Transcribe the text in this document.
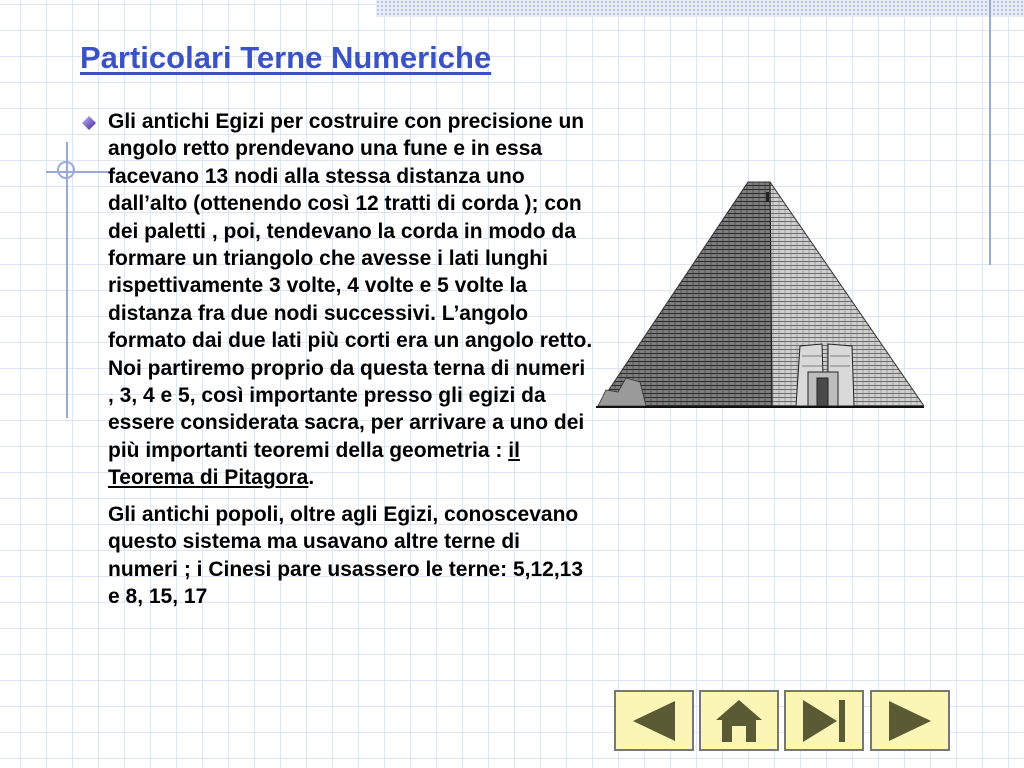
Particolari Terne Numeriche

Gli antichi Egizi per costruire con precisione un angolo retto prendevano una fune e in essa facevano 13 nodi alla stessa distanza uno dall’alto (ottenendo così 12 tratti di corda ); con dei paletti , poi, tendevano la corda in modo da formare un triangolo che avesse i lati lunghi rispettivamente 3 volte, 4 volte e 5 volte la distanza fra due nodi successivi. L’angolo formato dai due lati più corti era un angolo retto. Noi partiremo proprio da questa terna di numeri , 3, 4 e 5, così importante presso gli egizi da essere considerata sacra, per arrivare a uno dei più importanti teoremi della geometria : il Teorema di Pitagora.

Gli antichi popoli, oltre agli Egizi, conoscevano questo sistema ma usavano altre terne di numeri ; i Cinesi pare usassero le terne: 5,12,13 e 8, 15, 17
